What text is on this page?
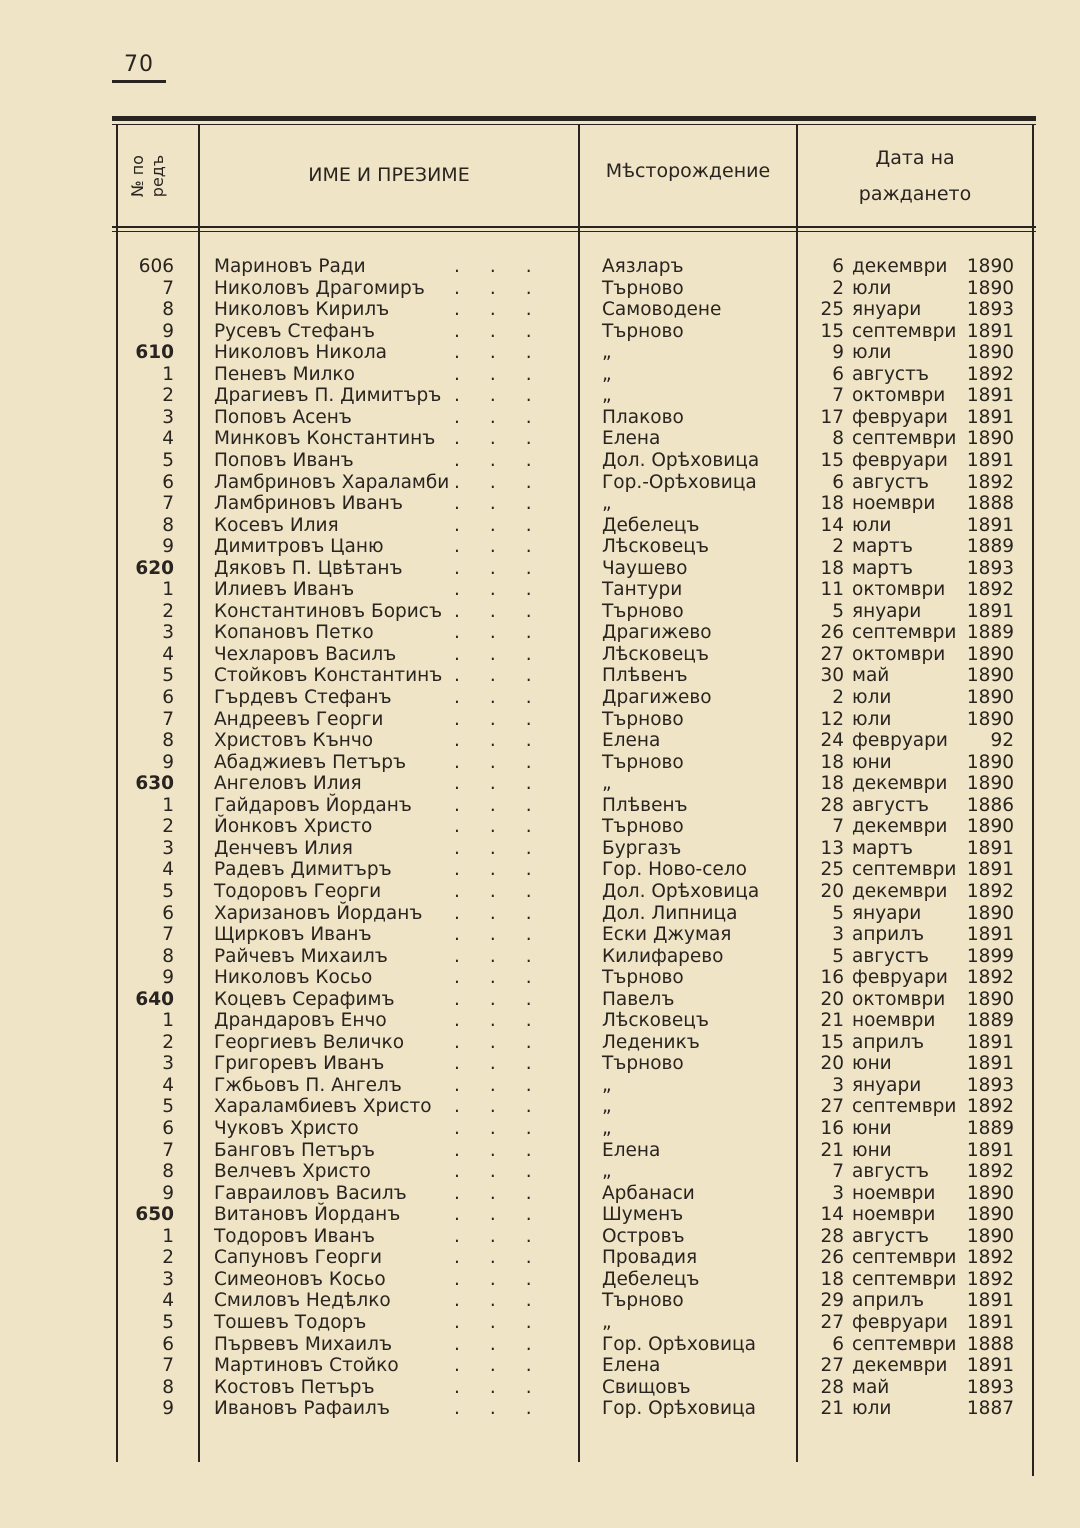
70
№ по
редъ	ИМЕ И ПРЕЗИМЕ	Мѣсторождение
Дата на
раждането
606 Мариновъ Ради	Аязларъ	6 декември	1890
...
7 Николовъ Драгомиръ	Търново	2 юли	1890
...
8 Николовъ Кирилъ	Самоводене	25 януари	1893
...
9 Русевъ Стефанъ	Търново	15 септември 1891
...
610 Николовъ Никола	„	9 юли	1890
...
1 Пеневъ Милко	„	6 августъ	1892
...
2 Драгиевъ П. Димитъръ	„	7 октомври	1891
...
3 Поповъ Асенъ	Плаково	17 февруари	1891
...
4 Минковъ Константинъ	Елена	8 септември 1890
...
5 Поповъ Иванъ	Дол. Орѣховица	15 февруари	1891
...
6 Ламбриновъ Хараламби	Гор.-Орѣховица	6 августъ	1892
...
7 Ламбриновъ Иванъ	„	18 ноември	1888
...
8 Косевъ Илия	Дебелецъ	14 юли	1891
...
9 Димитровъ Цаню	Лѣсковецъ	2 мартъ	1889
...
620 Дяковъ П. Цвѣтанъ	Чаушево	18 мартъ	1893
...
1 Илиевъ Иванъ	Тантури	11 октомври	1892
...
2 Константиновъ Борисъ	Търново	5 януари	1891
...
3 Копановъ Петко	Драгижево	26 септември 1889
...
4 Чехларовъ Василъ	Лѣсковецъ	27 октомври	1890
...
5 Стойковъ Константинъ	Плѣвенъ	30 май	1890
...
6 Гърдевъ Стефанъ	Драгижево	2 юли	1890
...
7 Андреевъ Георги	Търново	12 юли	1890
...
8 Христовъ Кънчо	Елена	24 февруари	92
...
9 Абаджиевъ Петъръ	Търново	18 юни	1890
...
630 Ангеловъ Илия	„	18 декември	1890
...
1 Гайдаровъ Йорданъ	Плѣвенъ	28 августъ	1886
...
2 Йонковъ Христо	Търново	7 декември	1890
...
3 Денчевъ Илия	Бургазъ	13 мартъ	1891
...
4 Радевъ Димитъръ	Гор. Ново-село	25 септември 1891
...
5 Тодоровъ Георги	Дол. Орѣховица	20 декември	1892
...
6 Харизановъ Йорданъ	Дол. Липница	5 януари	1890
...
7 Щирковъ Иванъ	Ески Джумая	3 априлъ	1891
...
8 Райчевъ Михаилъ	Килифарево	5 августъ	1899
...
9 Николовъ Косьо	Търново	16 февруари	1892
...
640 Коцевъ Серафимъ	Павелъ	20 октомври	1890
...
1 Драндаровъ Енчо	Лѣсковецъ	21 ноември	1889
...
2 Георгиевъ Величко	Леденикъ	15 априлъ	1891
...
3 Григоревъ Иванъ	Търново	20 юни	1891
...
4 Гжбьовъ П. Ангелъ	„	3 януари	1893
...
5 Хараламбиевъ Христо	„	27 септември 1892
...
6 Чуковъ Христо	„	16 юни	1889
...
7 Банговъ Петъръ	Елена	21 юни	1891
...
8 Велчевъ Христо	„	7 августъ	1892
...
9 Гавраиловъ Василъ	Арбанаси	3 ноември	1890
...
650 Витановъ Йорданъ	Шуменъ	14 ноември	1890
...
1 Тодоровъ Иванъ	Островъ	28 августъ	1890
...
2 Сапуновъ Георги	Провадия	26 септември 1892
...
3 Симеоновъ Косьо	Дебелецъ	18 септември 1892
...
4 Смиловъ Недѣлко	Търново	29 априлъ	1891
...
5 Тошевъ Тодоръ	„	27 февруари	1891
...
6 Първевъ Михаилъ	Гор. Орѣховица	6 септември 1888
...
7 Мартиновъ Стойко	Елена	27 декември	1891
...
8 Костовъ Петъръ	Свищовъ	28 май	1893
...
9 Ивановъ Рафаилъ	Гор. Орѣховица	21 юли	1887
...
